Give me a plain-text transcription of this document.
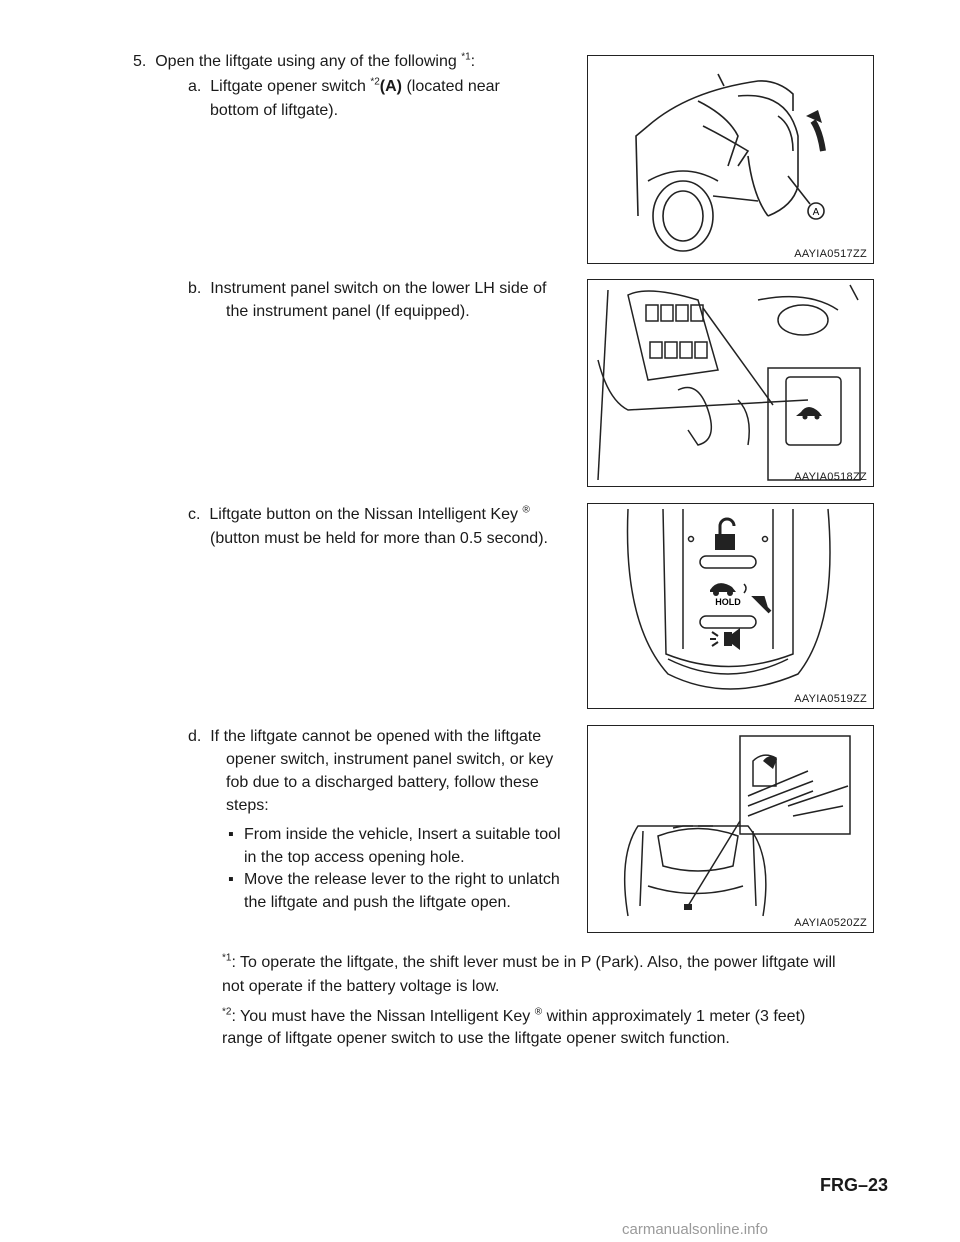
5. Open the liftgate using any of the following $^{*1}$:
a. Liftgate opener switch $^{*2}$(A) (located near
bottom of liftgate).
A
AAYIA0517ZZ
b. Instrument panel switch on the lower LH side of
the instrument panel (If equipped).
AAYIA0518ZZ
c. Liftgate button on the Nissan Intelligent Key ®
(button must be held for more than 0.5 second).
HOLD
AAYIA0519ZZ
d. If the liftgate cannot be opened with the liftgate
opener switch, instrument panel switch, or key
fob due to a discharged battery, follow these
steps:
▪ From inside the vehicle, Insert a suitable tool
in the top access opening hole.
▪ Move the release lever to the right to unlatch
the liftgate and push the liftgate open.
AAYIA0520ZZ
$^{*1}$: To operate the liftgate, the shift lever must be in P (Park). Also, the power liftgate will
not operate if the battery voltage is low.
$^{*2}$: You must have the Nissan Intelligent Key ® within approximately 1 meter (3 feet)
range of liftgate opener switch to use the liftgate opener switch function.
FRG–23
carmanualsonline.info
